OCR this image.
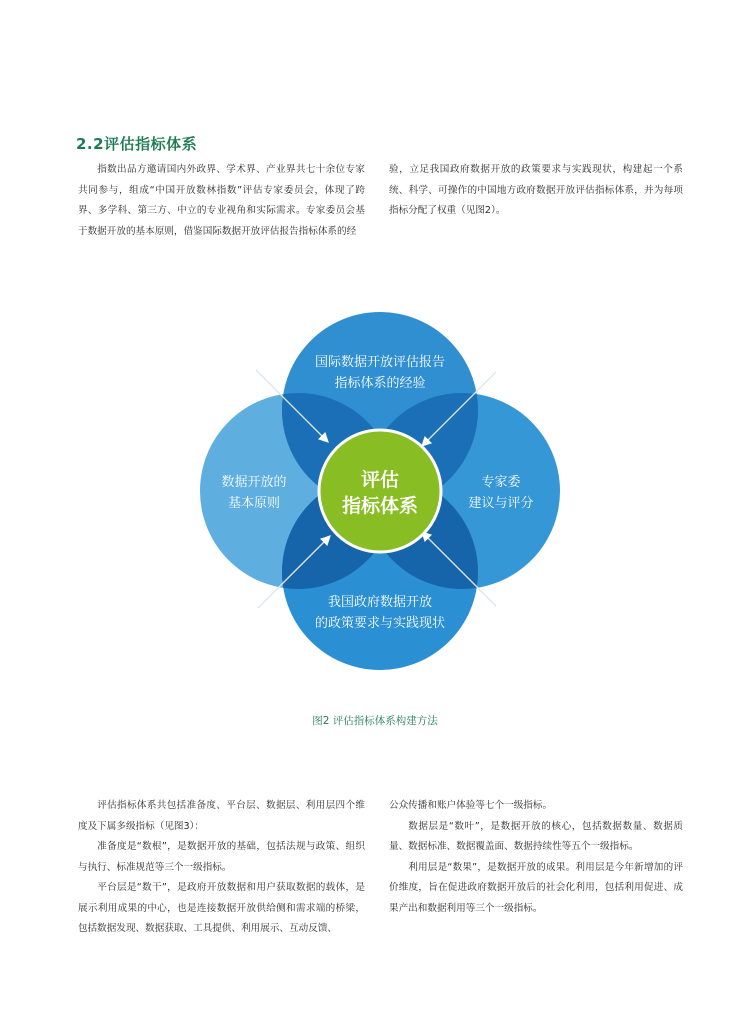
2.2评估指标体系

指数出品方邀请国内外政界、学术界、产业界共七十余位专家共同参与，组成“中国开放数林指数”评估专家委员会，体现了跨界、多学科、第三方、中立的专业视角和实际需求。专家委员会基于数据开放的基本原则，借鉴国际数据开放评估报告指标体系的经

验，立足我国政府数据开放的政策要求与实践现状，构建起一个系统、科学、可操作的中国地方政府数据开放评估指标体系，并为每项指标分配了权重（见图2）。

国际数据开放评估报告
指标体系的经验
数据开放的
基本原则
专家委
建议与评分
我国政府数据开放
的政策要求与实践现状
评估
指标体系

图2 评估指标体系构建方法

评估指标体系共包括准备度、平台层、数据层、利用层四个维度及下属多级指标（见图3）：

准备度是“数根”，是数据开放的基础，包括法规与政策、组织与执行、标准规范等三个一级指标。

平台层是“数干”，是政府开放数据和用户获取数据的载体，是展示利用成果的中心，也是连接数据开放供给侧和需求端的桥梁，包括数据发现、数据获取、工具提供、利用展示、互动反馈、

公众传播和账户体验等七个一级指标。

数据层是“数叶”，是数据开放的核心，包括数据数量、数据质量、数据标准、数据覆盖面、数据持续性等五个一级指标。

利用层是“数果”，是数据开放的成果。利用层是今年新增加的评价维度，旨在促进政府数据开放后的社会化利用，包括利用促进、成果产出和数据利用等三个一级指标。
